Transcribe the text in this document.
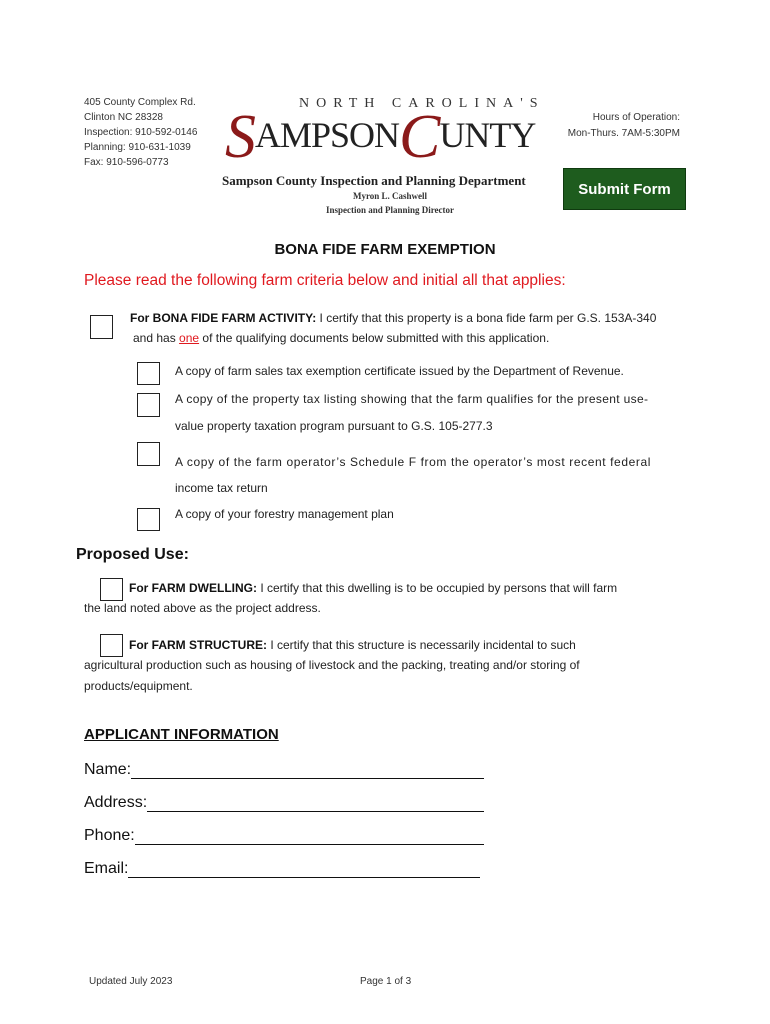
405 County Complex Rd.
Clinton NC 28328
Inspection: 910-592-0146
Planning: 910-631-1039
Fax: 910-596-0773
NORTH CAROLINA'S
SAMPSONCUNTY	Hours of Operation:
Mon-Thurs. 7AM-5:30PM
Sampson County Inspection and Planning Department
Myron L. Cashwell
Inspection and Planning Director
Submit Form
BONA FIDE FARM EXEMPTION
Please read the following farm criteria below and initial all that applies:
For BONA FIDE FARM ACTIVITY: I certify that this property is a bona fide farm per G.S. 153A-340
and has one of the qualifying documents below submitted with this application.
A copy of farm sales tax exemption certificate issued by the Department of Revenue.
A copy of the property tax listing showing that the farm qualifies for the present use-
value property taxation program pursuant to G.S. 105-277.3
A copy of the farm operator’s Schedule F from the operator’s most recent federal
income tax return
A copy of your forestry management plan
Proposed Use:
For FARM DWELLING: I certify that this dwelling is to be occupied by persons that will farm
the land noted above as the project address.
For FARM STRUCTURE: I certify that this structure is necessarily incidental to such
agricultural production such as housing of livestock and the packing, treating and/or storing of
products/equipment.
APPLICANT INFORMATION
Name:
Address:
Phone:
Email:
Updated July 2023	Page 1 of 3
